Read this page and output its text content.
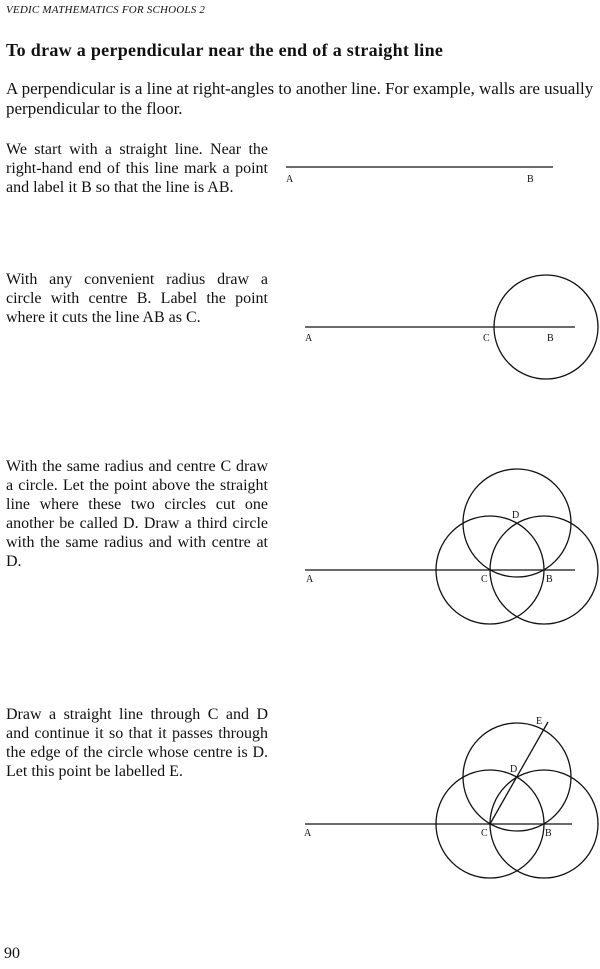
VEDIC MATHEMATICS FOR SCHOOLS 2
To draw a perpendicular near the end of a straight line

A perpendicular is a line at right-angles to another line. For example, walls are usually perpendicular to the floor.

We start with a straight line. Near the right-hand end of this line mark a point and label it B so that the line is AB.

With any convenient radius draw a circle with centre B. Label the point where it cuts the line AB as C.

With the same radius and centre C draw a circle. Let the point above the straight line where these two circles cut one another be called D. Draw a third circle with the same radius and with centre at D.

Draw a straight line through C and D and continue it so that it passes through the edge of the circle whose centre is D. Let this point be labelled E.

A	B
A	C	B
A	C	B
D
A	C	B
D
E
90
